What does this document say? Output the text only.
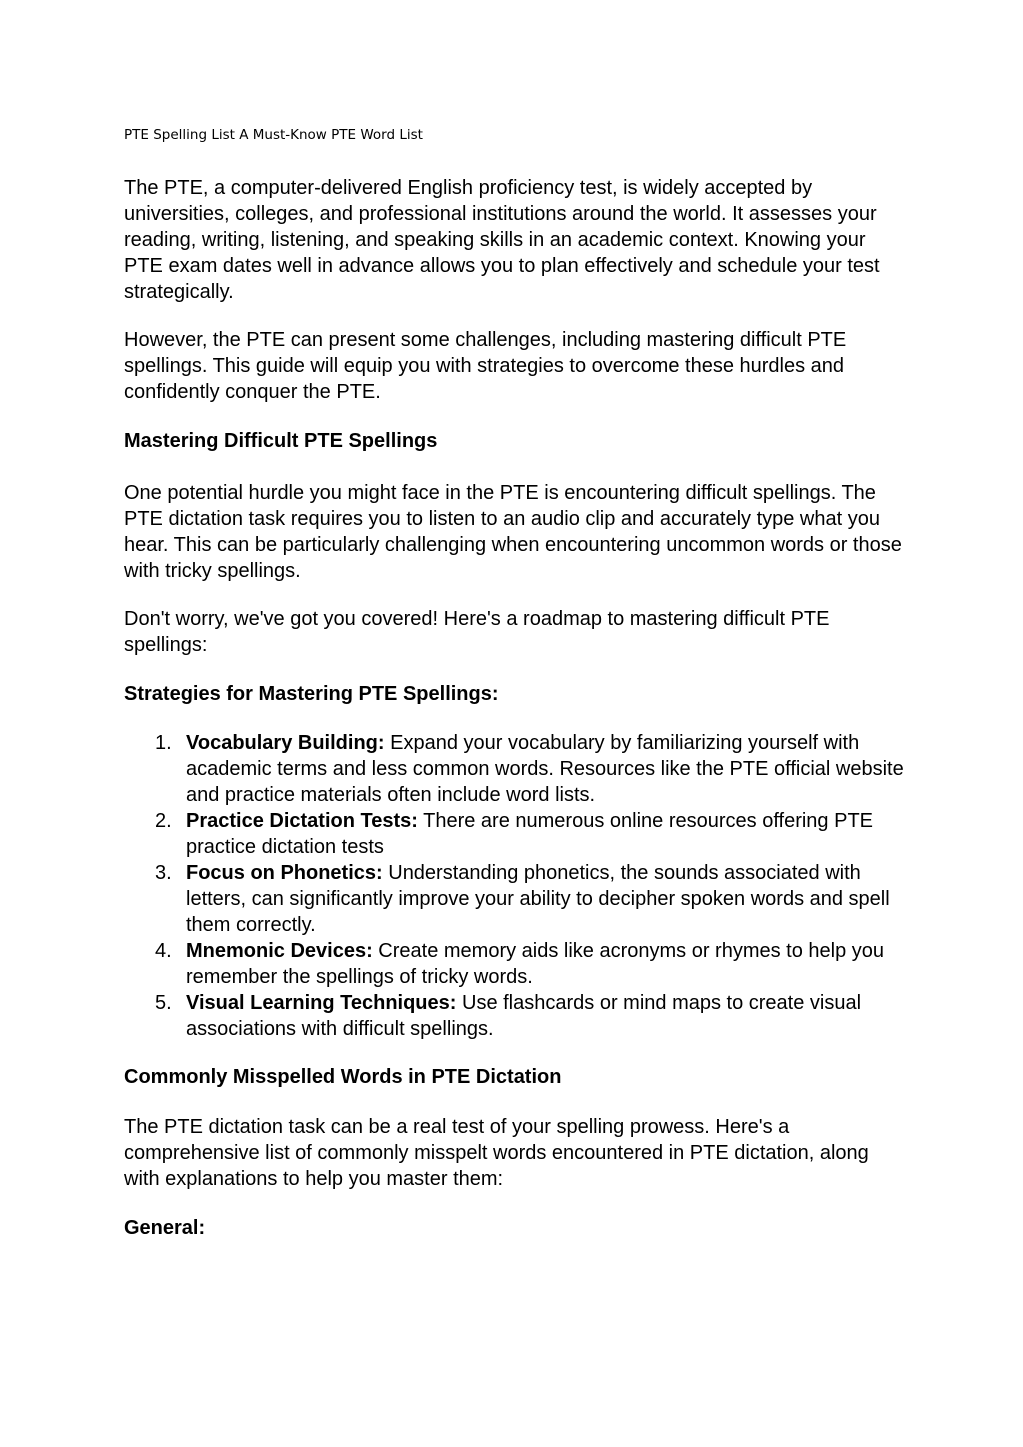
PTE Spelling List A Must-Know PTE Word List

The PTE, a computer-delivered English proficiency test, is widely accepted by universities, colleges, and professional institutions around the world. It assesses your reading, writing, listening, and speaking skills in an academic context. Knowing your PTE exam dates well in advance allows you to plan effectively and schedule your test strategically.

However, the PTE can present some challenges, including mastering difficult PTE spellings. This guide will equip you with strategies to overcome these hurdles and confidently conquer the PTE.

Mastering Difficult PTE Spellings

One potential hurdle you might face in the PTE is encountering difficult spellings. The PTE dictation task requires you to listen to an audio clip and accurately type what you hear. This can be particularly challenging when encountering uncommon words or those with tricky spellings.

Don't worry, we've got you covered! Here's a roadmap to mastering difficult PTE spellings:

Strategies for Mastering PTE Spellings:
1. Vocabulary Building: Expand your vocabulary by familiarizing yourself with academic terms and less common words. Resources like the PTE official website and practice materials often include word lists.
2. Practice Dictation Tests: There are numerous online resources offering PTE practice dictation tests
3. Focus on Phonetics: Understanding phonetics, the sounds associated with letters, can significantly improve your ability to decipher spoken words and spell them correctly.
4. Mnemonic Devices: Create memory aids like acronyms or rhymes to help you remember the spellings of tricky words.
5. Visual Learning Techniques: Use flashcards or mind maps to create visual associations with difficult spellings.
Commonly Misspelled Words in PTE Dictation

The PTE dictation task can be a real test of your spelling prowess. Here's a comprehensive list of commonly misspelt words encountered in PTE dictation, along with explanations to help you master them:

General:
